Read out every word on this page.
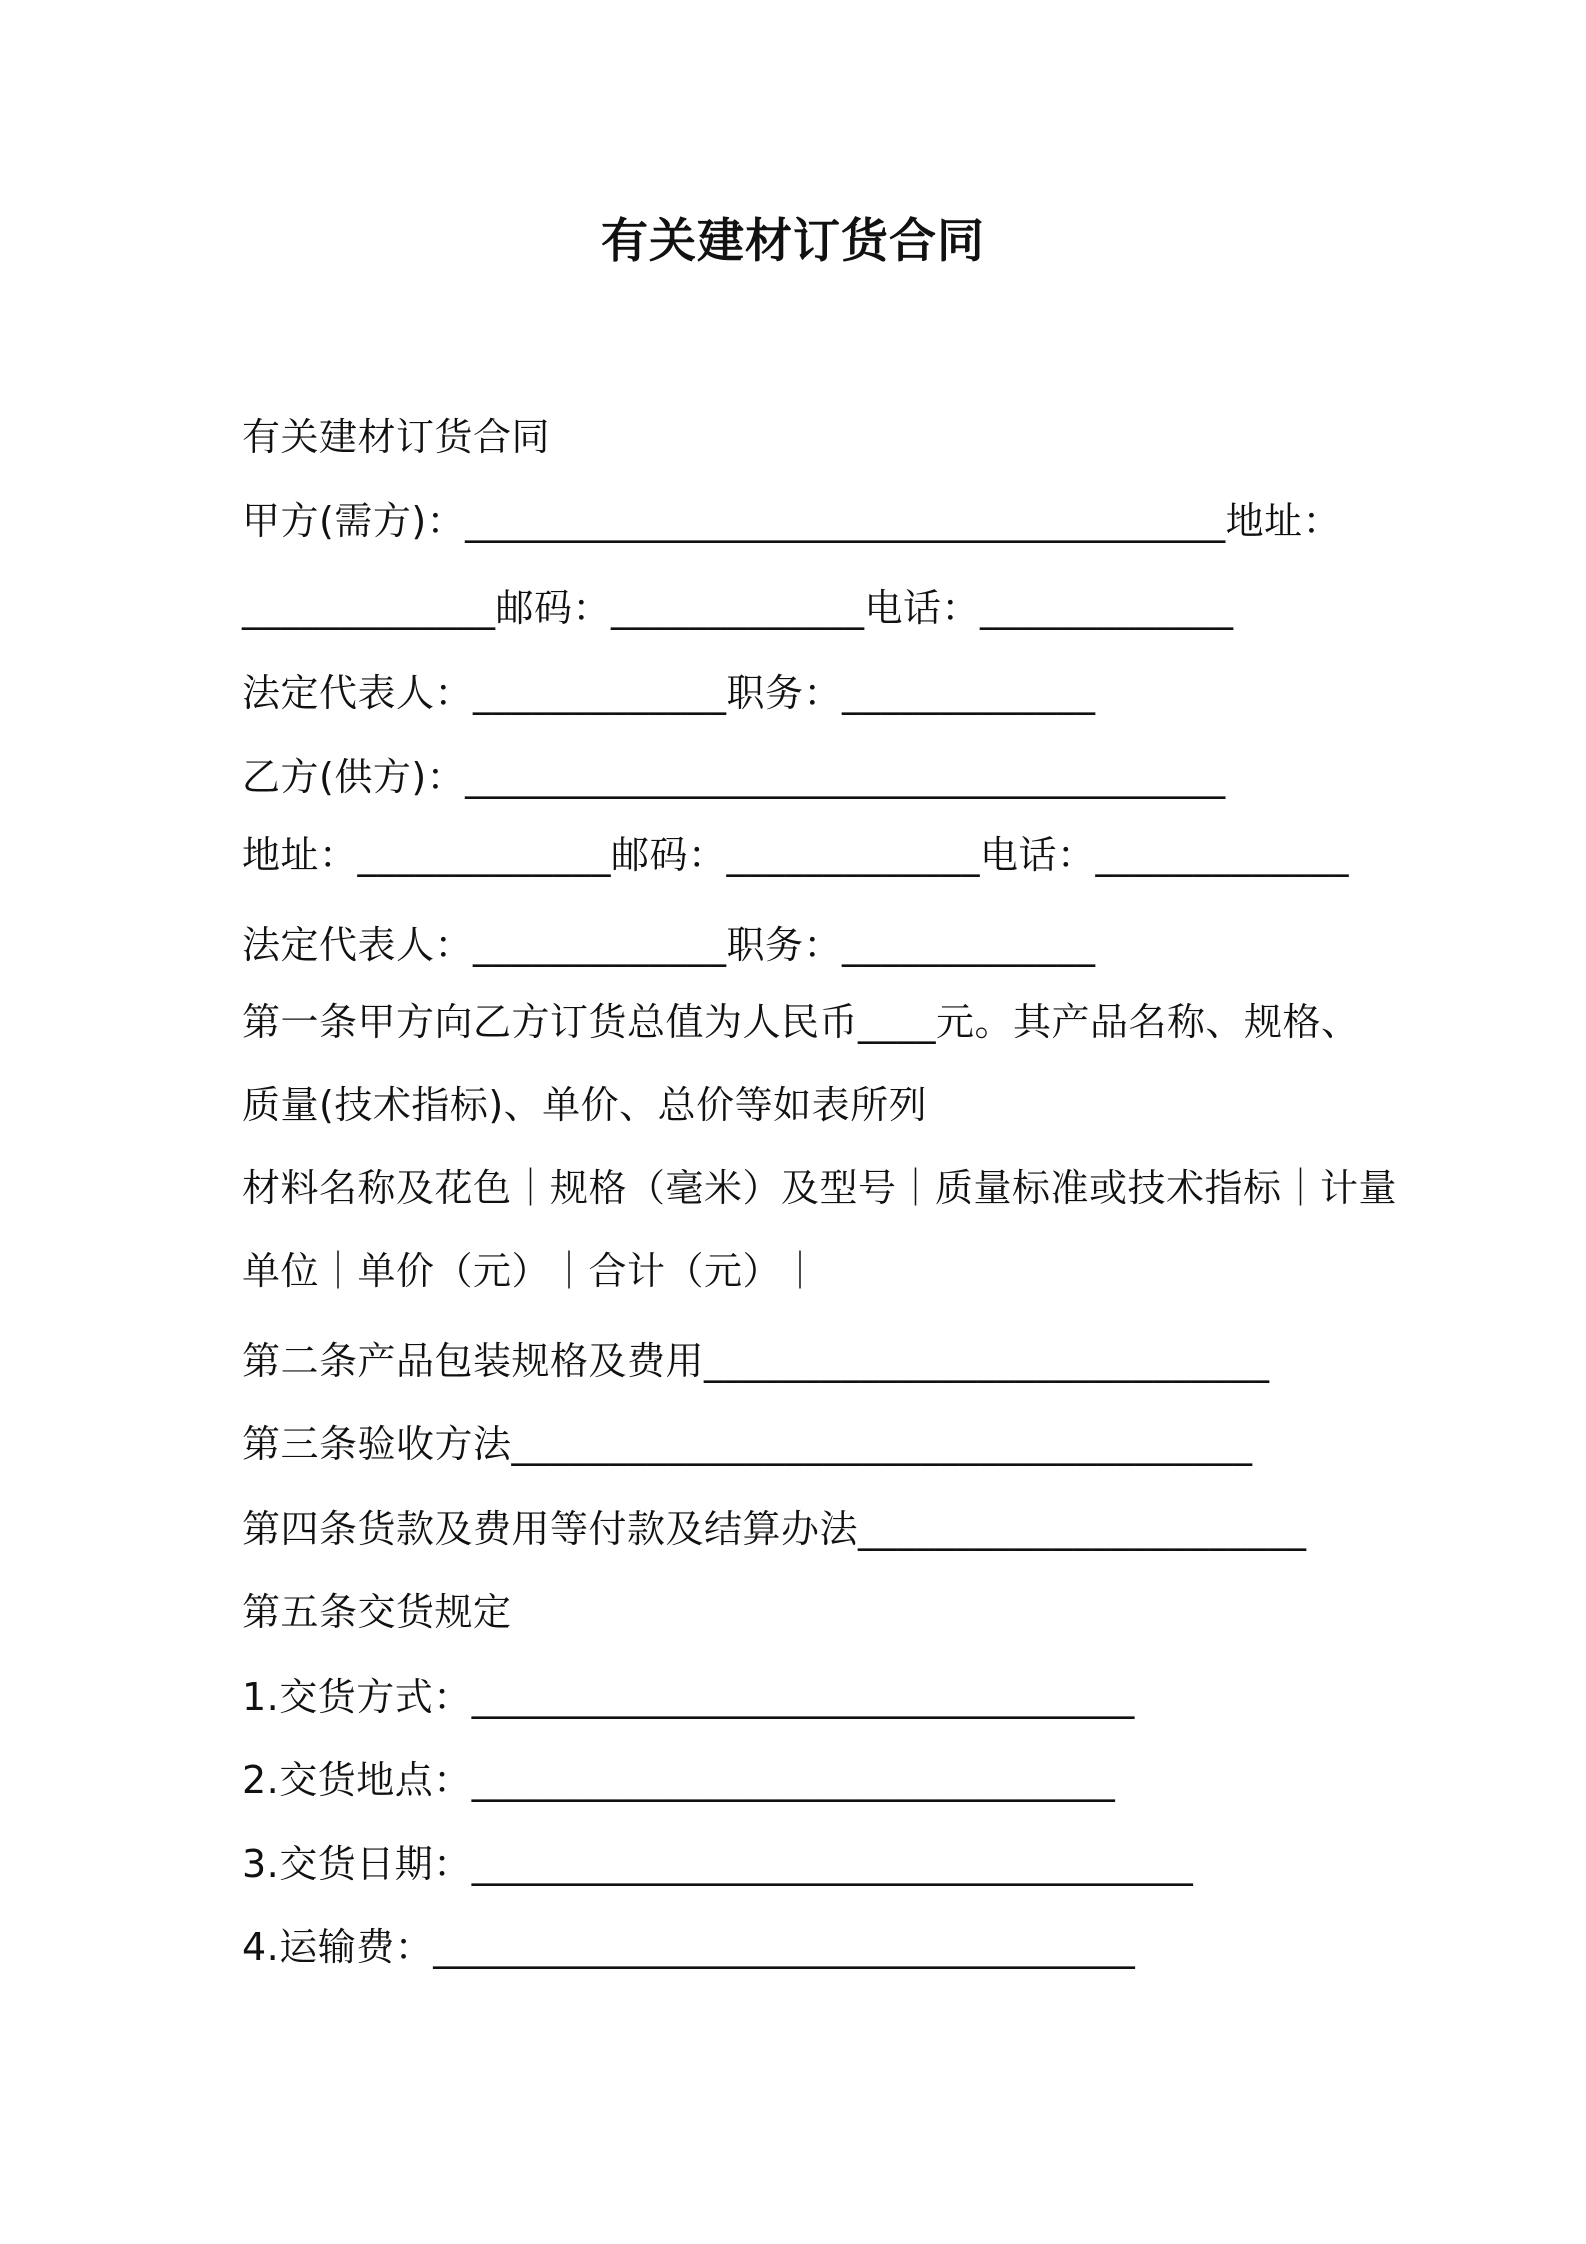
有关建材订货合同
有关建材订货合同
甲方(需方)：_______________________________________地址：
_____________邮码：_____________电话：_____________
法定代表人：_____________职务：_____________
乙方(供方)：_______________________________________
地址：_____________邮码：_____________电话：_____________
法定代表人：_____________职务：_____________
第一条甲方向乙方订货总值为人民币____元。其产品名称、规格、
质量(技术指标)、单价、总价等如表所列
材料名称及花色｜规格（毫米）及型号｜质量标准或技术指标｜计量
单位｜单价（元）｜合计（元）｜
第二条产品包装规格及费用_____________________________
第三条验收方法______________________________________
第四条货款及费用等付款及结算办法_______________________
第五条交货规定
1.交货方式：__________________________________
2.交货地点：_________________________________
3.交货日期：_____________________________________
4.运输费：____________________________________
